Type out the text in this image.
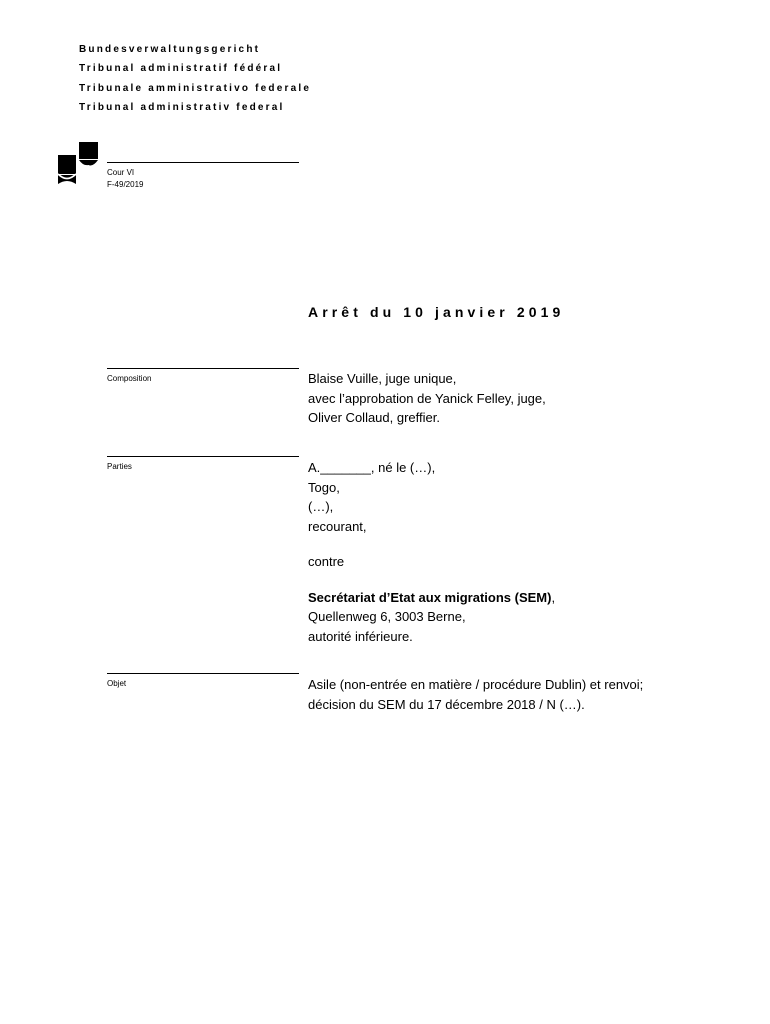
Bundesverwaltungsgericht
Tribunal administratif fédéral
Tribunale amministrativo federale
Tribunal administrativ federal
Cour VI
F-49/2019
Arrêt du 10 janvier 2019
Composition	Blaise Vuille, juge unique,
avec l’approbation de Yanick Felley, juge,
Oliver Collaud, greffier.
Parties	A._______, né le (…),
Togo,
(…),
recourant,
contre
Secrétariat d’Etat aux migrations (SEM),
Quellenweg 6, 3003 Berne,
autorité inférieure.
Objet	Asile (non-entrée en matière / procédure Dublin) et renvoi;
décision du SEM du 17 décembre 2018 / N (…).
